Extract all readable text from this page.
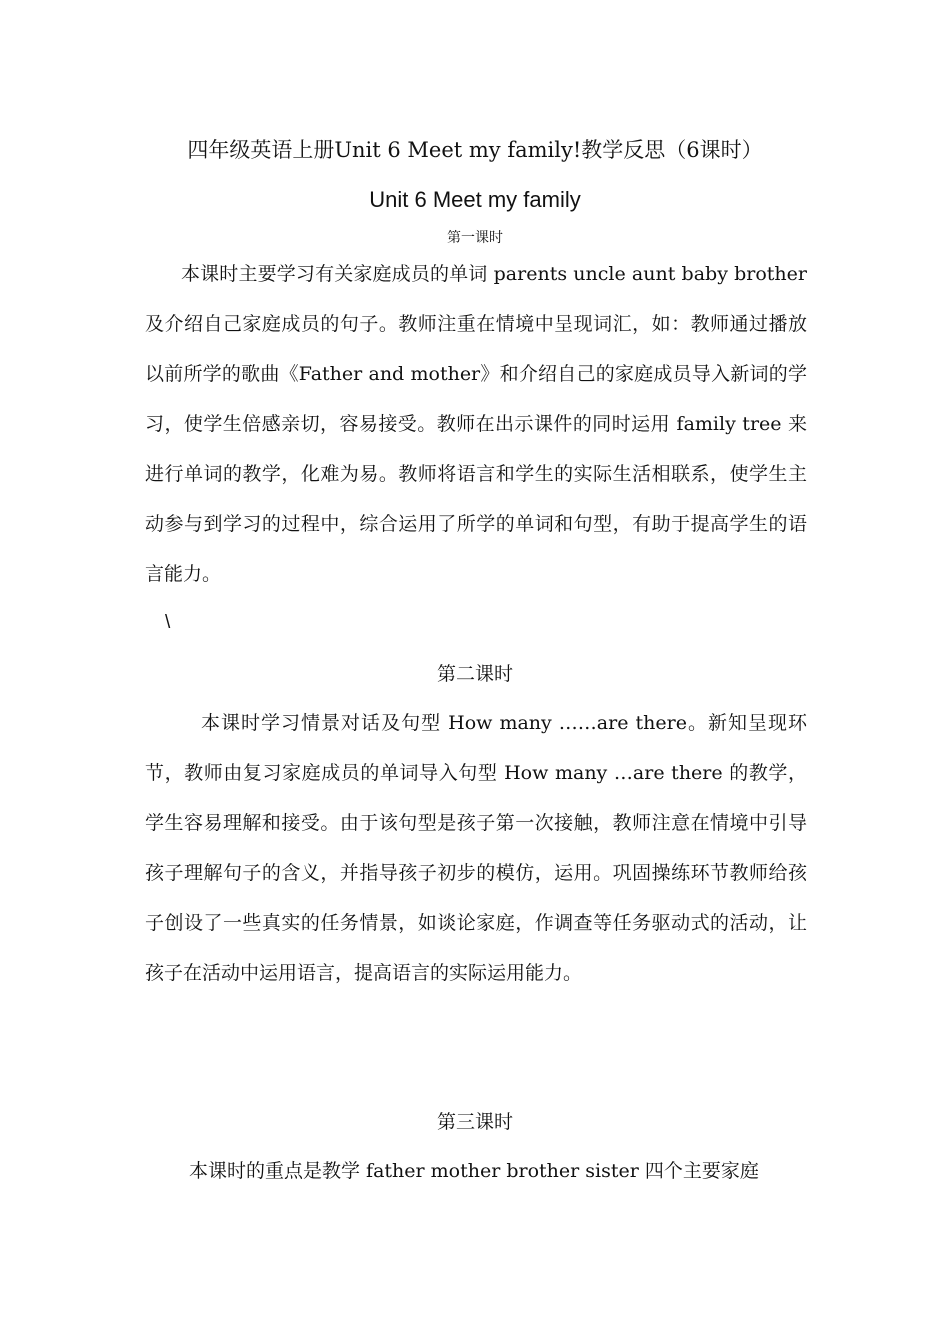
四年级英语上册Unit 6 Meet my family!教学反思（6课时）
Unit 6 Meet my family
第一课时

本课时主要学习有关家庭成员的单词 parents uncle aunt baby brother 及介绍自己家庭成员的句子。教师注重在情境中呈现词汇，如：教师通过播放以前所学的歌曲《Father and mother》和介绍自己的家庭成员导入新词的学习，使学生倍感亲切，容易接受。教师在出示课件的同时运用 family tree 来进行单词的教学，化难为易。教师将语言和学生的实际生活相联系，使学生主动参与到学习的过程中，综合运用了所学的单词和句型，有助于提高学生的语言能力。

\
第二课时

本课时学习情景对话及句型 How many ……are there。新知呈现环节，教师由复习家庭成员的单词导入句型 How many …are there 的教学，学生容易理解和接受。由于该句型是孩子第一次接触，教师注意在情境中引导孩子理解句子的含义，并指导孩子初步的模仿，运用。巩固操练环节教师给孩子创设了一些真实的任务情景，如谈论家庭，作调查等任务驱动式的活动，让孩子在活动中运用语言，提高语言的实际运用能力。

第三课时

本课时的重点是教学 father mother brother sister 四个主要家庭
